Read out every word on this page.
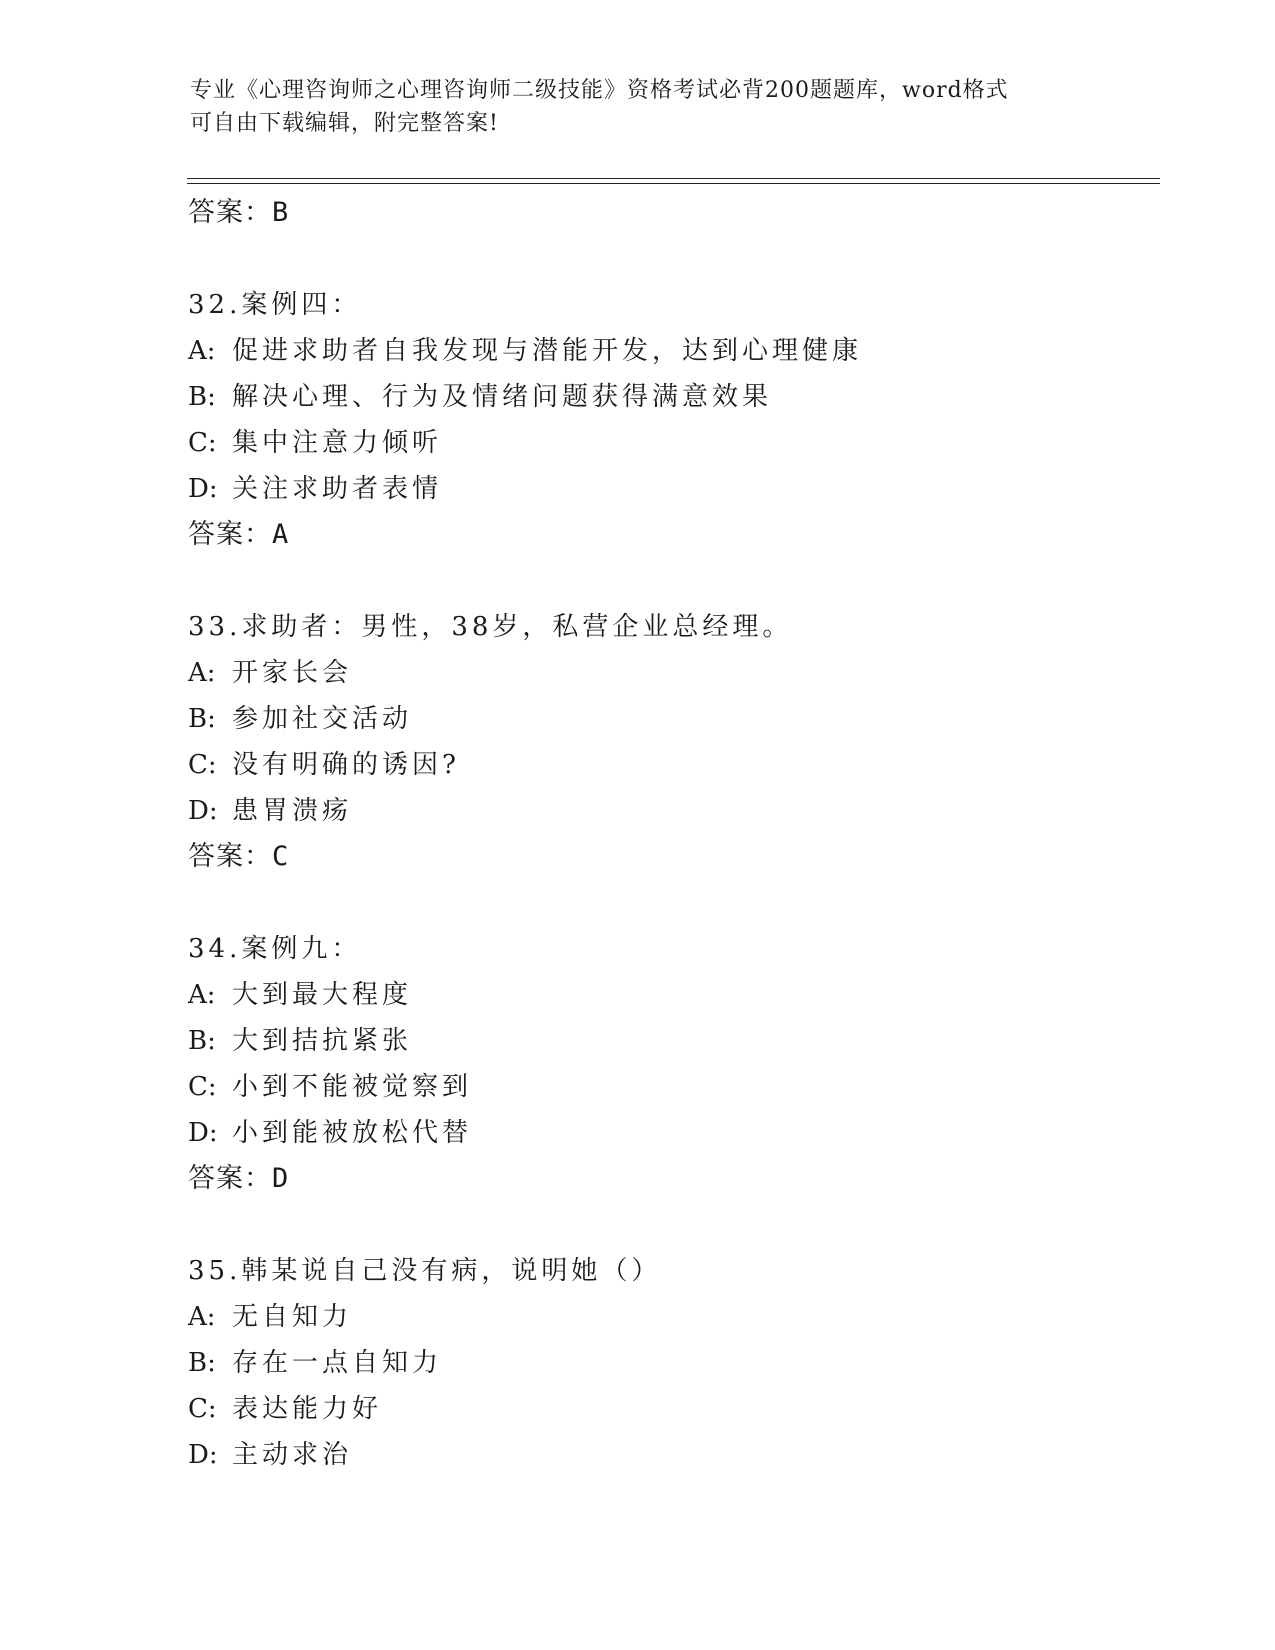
专业《心理咨询师之心理咨询师二级技能》资格考试必背200题题库，word格式
可自由下载编辑，附完整答案!
答案：B
32.案例四：
A: 促进求助者自我发现与潜能开发，达到心理健康
B: 解决心理、行为及情绪问题获得满意效果
C: 集中注意力倾听
D: 关注求助者表情
答案：A
33.求助者：男性，38岁，私营企业总经理。
A: 开家长会
B: 参加社交活动
C: 没有明确的诱因?
D: 患胃溃疡
答案：C
34.案例九：
A: 大到最大程度
B: 大到拮抗紧张
C: 小到不能被觉察到
D: 小到能被放松代替
答案：D
35.韩某说自己没有病，说明她（）
A: 无自知力
B: 存在一点自知力
C: 表达能力好
D: 主动求治
